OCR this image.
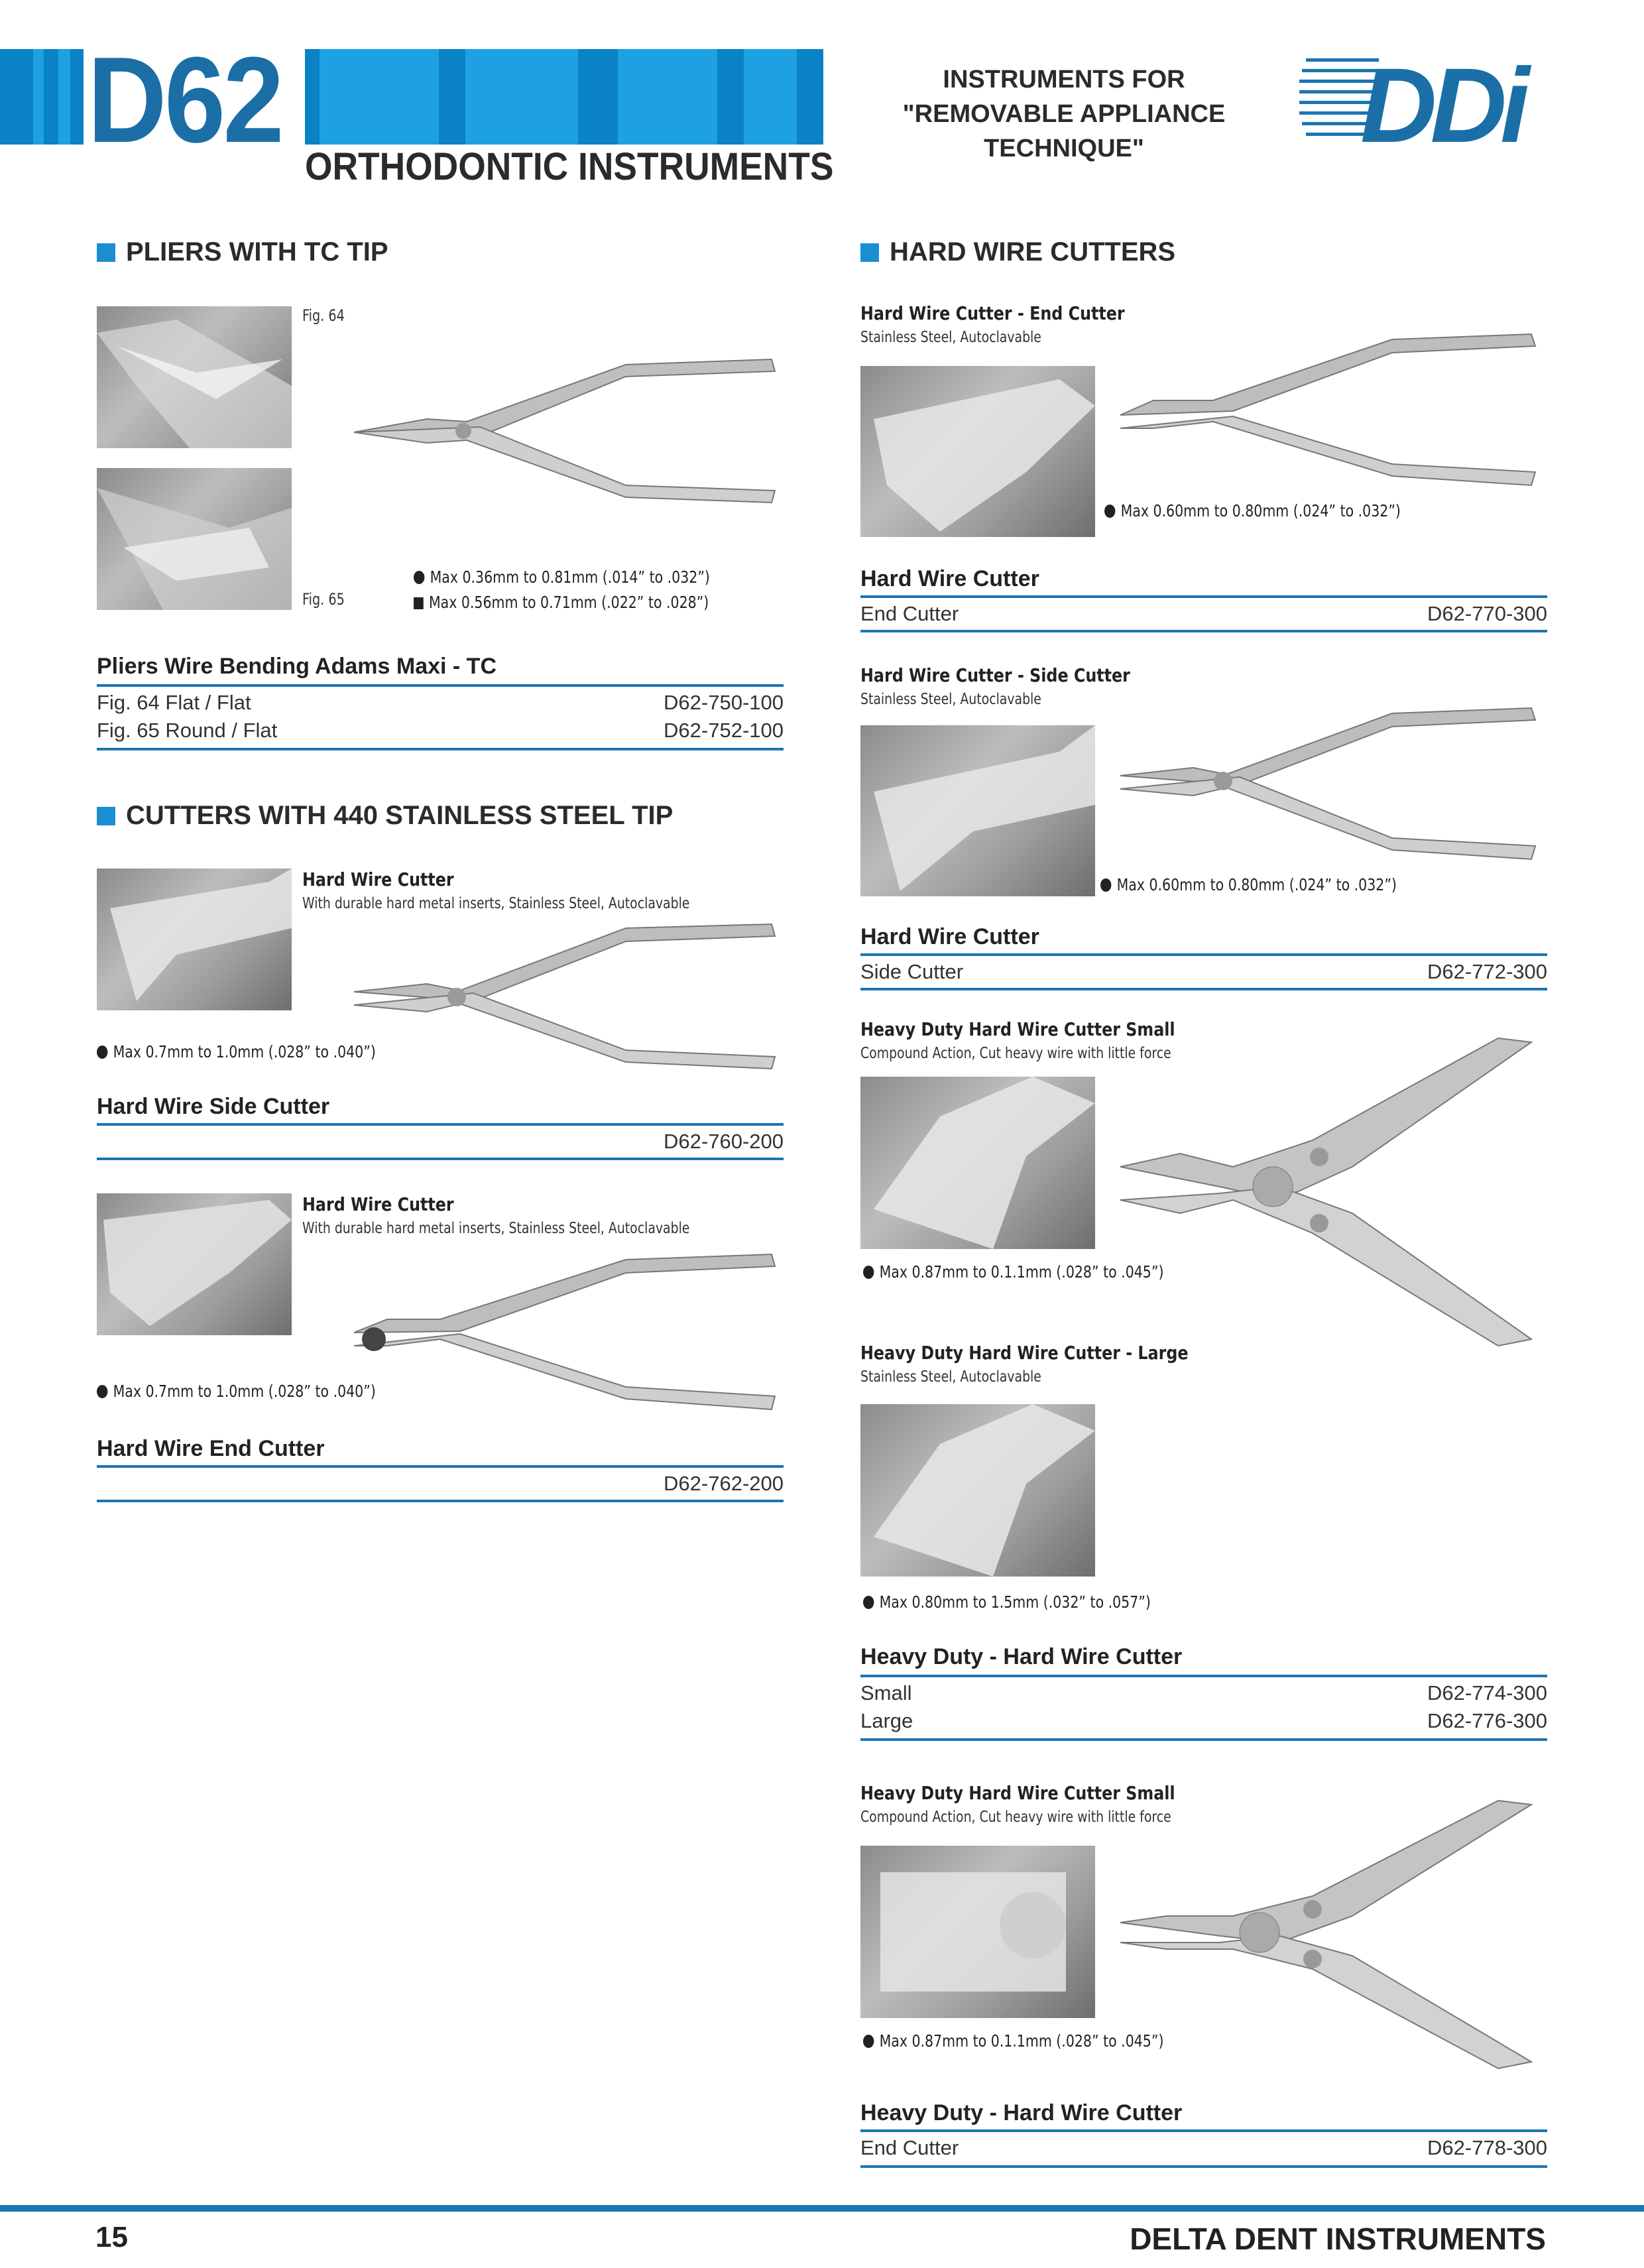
D62 ORTHODONTIC INSTRUMENTS
INSTRUMENTS FOR
"REMOVABLE APPLIANCE TECHNIQUE"	DDi
PLIERS WITH TC TIP
Fig. 64
Fig. 65
Max 0.36mm to 0.81mm (.014” to .032”)
Max 0.56mm to 0.71mm (.022” to .028”)
Pliers Wire Bending Adams Maxi - TC
Fig. 64 Flat / Flat	D62-750-100
Fig. 65 Round / Flat	D62-752-100
CUTTERS WITH 440 STAINLESS STEEL TIP
Hard Wire Cutter
With durable hard metal inserts, Stainless Steel, Autoclavable
Max 0.7mm to 1.0mm (.028” to .040”)
Hard Wire Side Cutter
D62-760-200
Hard Wire Cutter
With durable hard metal inserts, Stainless Steel, Autoclavable
Max 0.7mm to 1.0mm (.028” to .040”)
Hard Wire End Cutter
D62-762-200
HARD WIRE CUTTERS
Hard Wire Cutter - End Cutter
Stainless Steel, Autoclavable
Max 0.60mm to 0.80mm (.024” to .032”)
Hard Wire Cutter
End Cutter	D62-770-300
Hard Wire Cutter - Side Cutter
Stainless Steel, Autoclavable
Max 0.60mm to 0.80mm (.024” to .032”)
Hard Wire Cutter
Side Cutter	D62-772-300
Heavy Duty Hard Wire Cutter Small
Compound Action, Cut heavy wire with little force
Max 0.87mm to 0.1.1mm (.028” to .045”)
Heavy Duty Hard Wire Cutter - Large
Stainless Steel, Autoclavable
Max 0.80mm to 1.5mm (.032” to .057”)
Heavy Duty - Hard Wire Cutter
Small	D62-774-300
Large	D62-776-300
Heavy Duty Hard Wire Cutter Small
Compound Action, Cut heavy wire with little force
Max 0.87mm to 0.1.1mm (.028” to .045”)
Heavy Duty - Hard Wire Cutter
End Cutter	D62-778-300
15	DELTA DENT INSTRUMENTS
